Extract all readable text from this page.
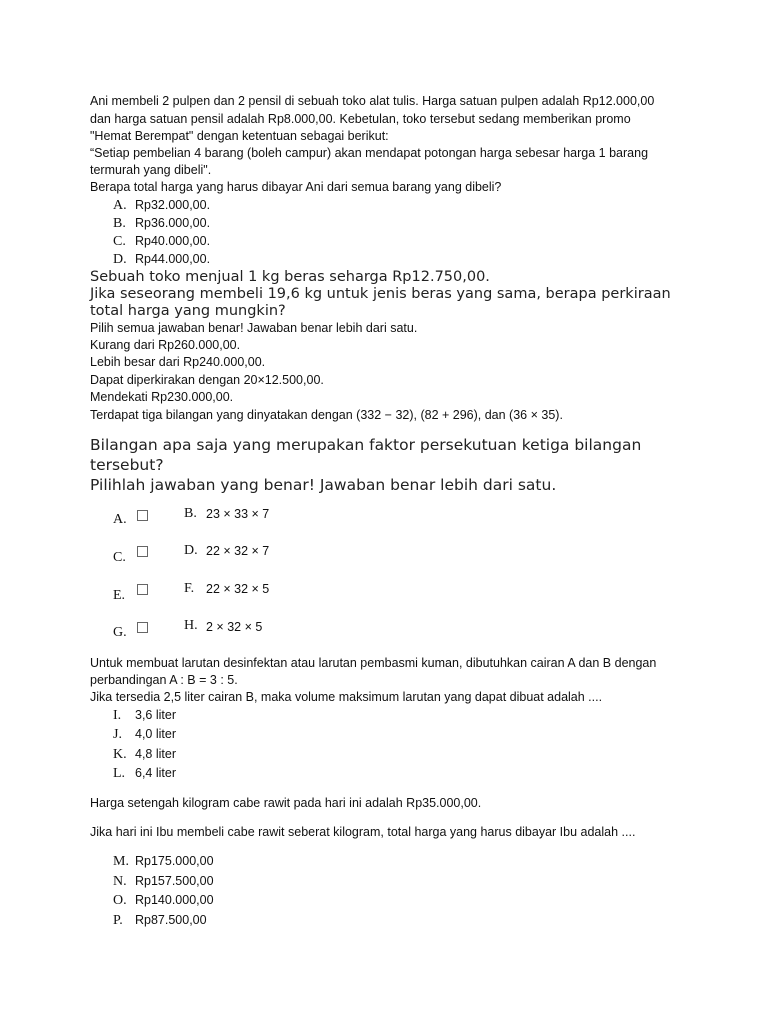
Ani membeli 2 pulpen dan 2 pensil di sebuah toko alat tulis. Harga satuan pulpen adalah Rp12.000,00
dan harga satuan pensil adalah Rp8.000,00. Kebetulan, toko tersebut sedang memberikan promo
"Hemat Berempat" dengan ketentuan sebagai berikut:
“Setiap pembelian 4 barang (boleh campur) akan mendapat potongan harga sebesar harga 1 barang
termurah yang dibeli".
Berapa total harga yang harus dibayar Ani dari semua barang yang dibeli?
A. Rp32.000,00.
B. Rp36.000,00.
C. Rp40.000,00.
D. Rp44.000,00.
Sebuah toko menjual 1 kg beras seharga Rp12.750,00.
Jika seseorang membeli 19,6 kg untuk jenis beras yang sama, berapa perkiraan
total harga yang mungkin?
Pilih semua jawaban benar! Jawaban benar lebih dari satu.
Kurang dari Rp260.000,00.
Lebih besar dari Rp240.000,00.
Dapat diperkirakan dengan 20×12.500,00.
Mendekati Rp230.000,00.
Terdapat tiga bilangan yang dinyatakan dengan (332 − 32), (82 + 296), dan (36 × 35).
Bilangan apa saja yang merupakan faktor persekutuan ketiga bilangan
tersebut?
Pilihlah jawaban yang benar! Jawaban benar lebih dari satu.
A.	B. 23 × 33 × 7
C.	D. 22 × 32 × 7
E.	F. 22 × 32 × 5
G.	H. 2 × 32 × 5
Untuk membuat larutan desinfektan atau larutan pembasmi kuman, dibutuhkan cairan A dan B dengan
perbandingan A : B = 3 : 5.
Jika tersedia 2,5 liter cairan B, maka volume maksimum larutan yang dapat dibuat adalah ....
I. 3,6 liter
J. 4,0 liter
K. 4,8 liter
L. 6,4 liter
Harga setengah kilogram cabe rawit pada hari ini adalah Rp35.000,00.
Jika hari ini Ibu membeli cabe rawit seberat kilogram, total harga yang harus dibayar Ibu adalah ....
M. Rp175.000,00
N. Rp157.500,00
O. Rp140.000,00
P. Rp87.500,00
